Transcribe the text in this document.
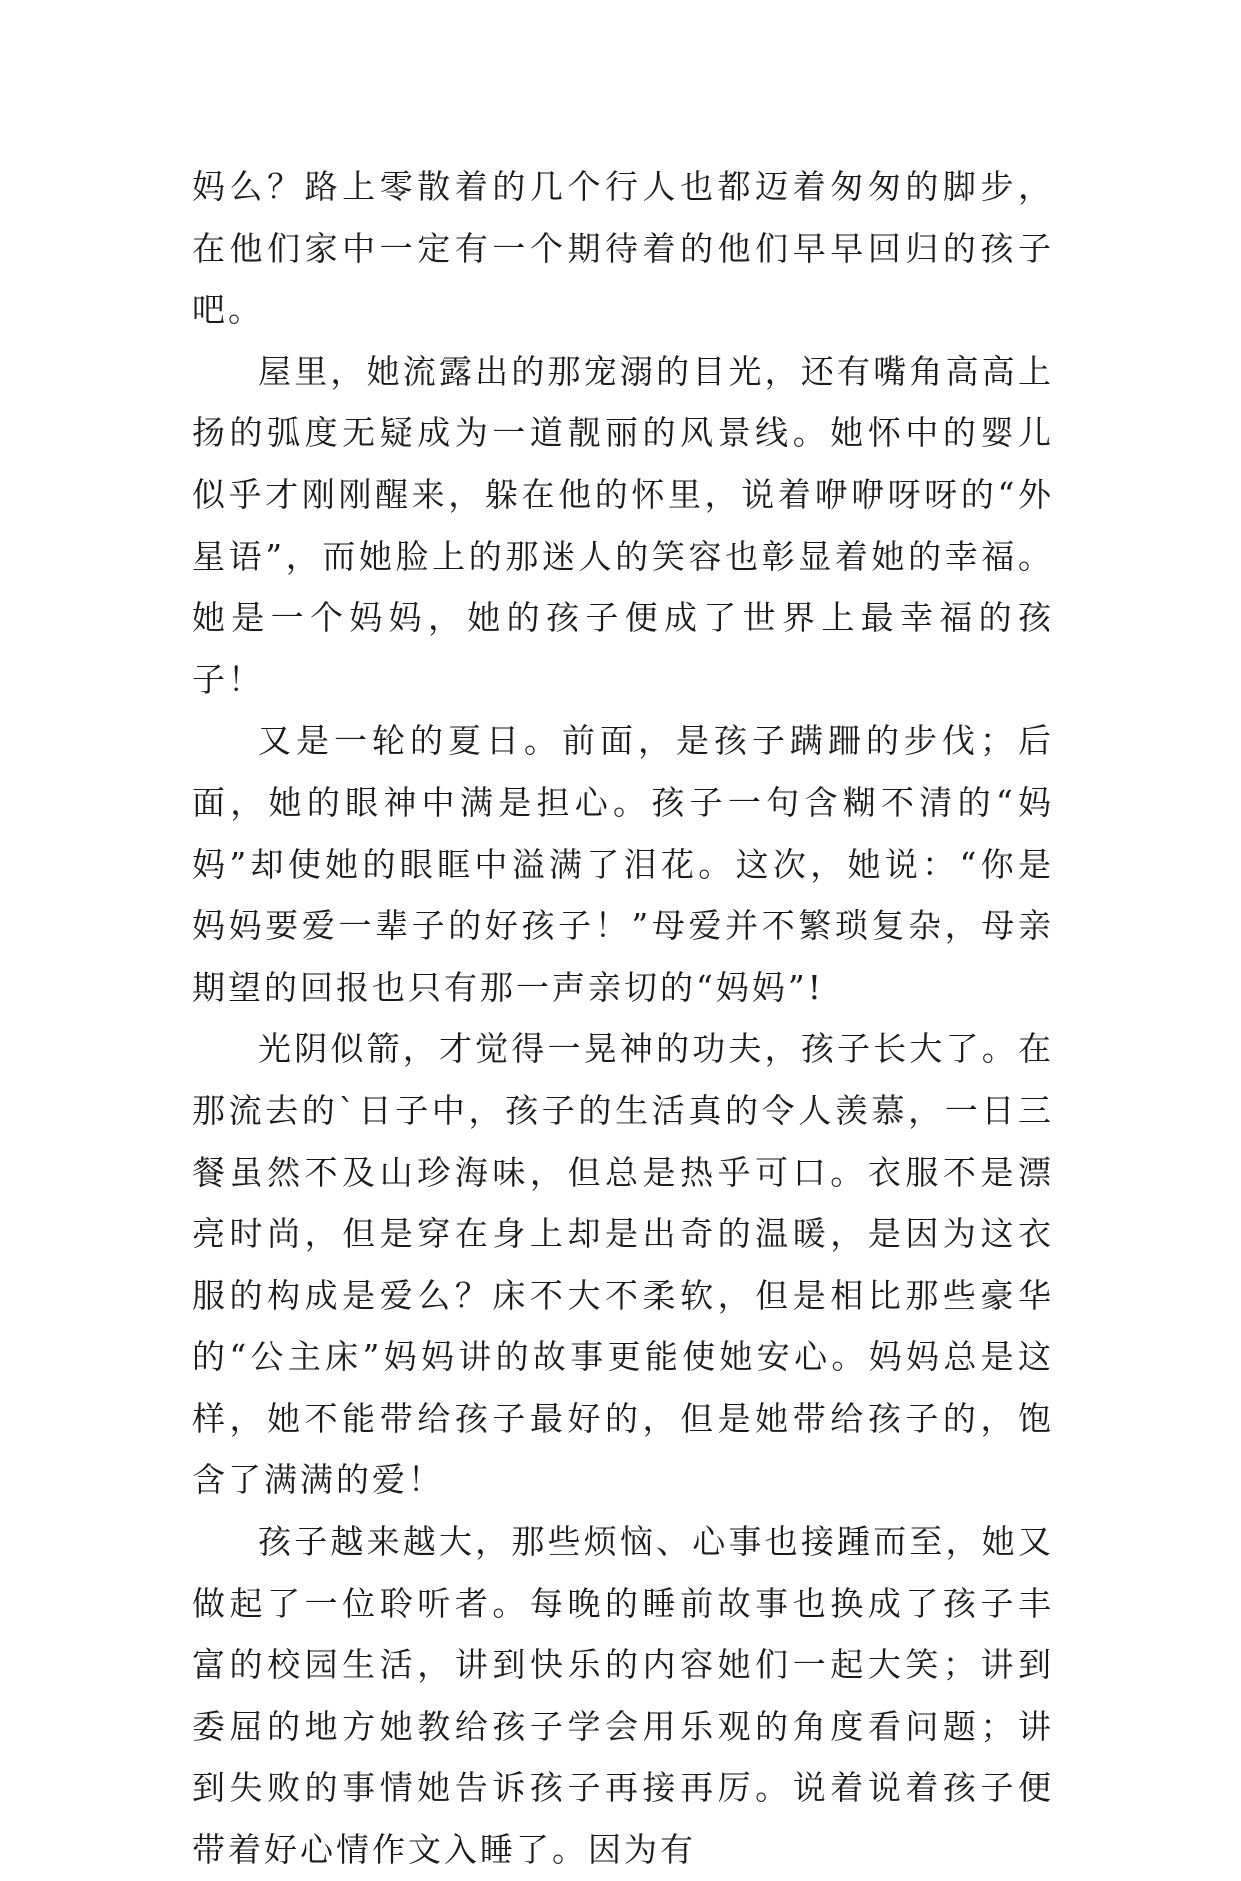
妈么？路上零散着的几个行人也都迈着匆匆的脚步，在他们家中一定有一个期待着的他们早早回归的孩子吧。

屋里，她流露出的那宠溺的目光，还有嘴角高高上扬的弧度无疑成为一道靓丽的风景线。她怀中的婴儿似乎才刚刚醒来，躲在他的怀里，说着咿咿呀呀的“外星语”，而她脸上的那迷人的笑容也彰显着她的幸福。她是一个妈妈，她的孩子便成了世界上最幸福的孩子！

又是一轮的夏日。前面，是孩子蹒跚的步伐；后面，她的眼神中满是担心。孩子一句含糊不清的“妈妈”却使她的眼眶中溢满了泪花。这次，她说：“你是妈妈要爱一辈子的好孩子！”母爱并不繁琐复杂，母亲期望的回报也只有那一声亲切的“妈妈”!

光阴似箭，才觉得一晃神的功夫，孩子长大了。在那流去的`日子中，孩子的生活真的令人羡慕，一日三餐虽然不及山珍海味，但总是热乎可口。衣服不是漂亮时尚，但是穿在身上却是出奇的温暖，是因为这衣服的构成是爱么？床不大不柔软，但是相比那些豪华的“公主床”妈妈讲的故事更能使她安心。妈妈总是这样，她不能带给孩子最好的，但是她带给孩子的，饱含了满满的爱！

孩子越来越大，那些烦恼、心事也接踵而至，她又做起了一位聆听者。每晚的睡前故事也换成了孩子丰富的校园生活，讲到快乐的内容她们一起大笑；讲到委屈的地方她教给孩子学会用乐观的角度看问题；讲到失败的事情她告诉孩子再接再厉。说着说着孩子便带着好心情作文入睡了。因为有
